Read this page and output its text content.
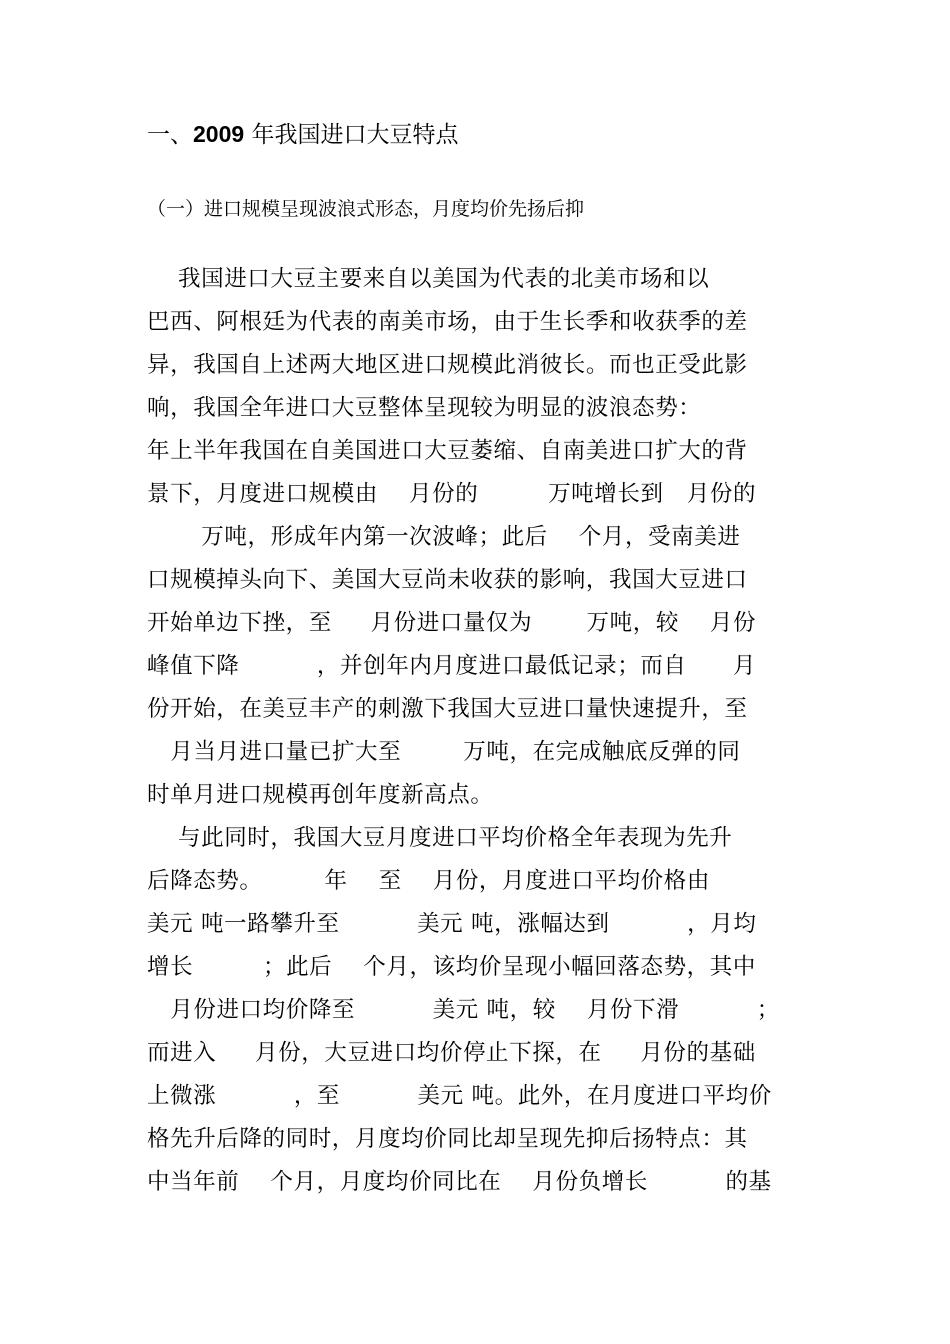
一、2009 年我国进口大豆特点
（一）进口规模呈现波浪式形态，月度均价先扬后抑
我国进口大豆主要来自以美国为代表的北美市场和以
巴西、阿根廷为代表的南美市场，由于生长季和收获季的差
异，我国自上述两大地区进口规模此消彼长。而也正受此影
响，我国全年进口大豆整体呈现较为明显的波浪态势：
年上半年我国在自美国进口大豆萎缩、自南美进口扩大的背
景下，月度进口规模由    月份的         万吨增长到   月份的
万吨，形成年内第一次波峰；此后    个月，受南美进
口规模掉头向下、美国大豆尚未收获的影响，我国大豆进口
开始单边下挫，至     月份进口量仅为       万吨，较    月份
峰值下降          ，并创年内月度进口最低记录；而自      月
份开始，在美豆丰产的刺激下我国大豆进口量快速提升，至
月当月进口量已扩大至        万吨，在完成触底反弹的同
时单月进口规模再创年度新高点。
与此同时，我国大豆月度进口平均价格全年表现为先升
后降态势。        年    至    月份，月度进口平均价格由
美元 吨一路攀升至          美元 吨，涨幅达到          ，月均
增长         ；此后    个月，该均价呈现小幅回落态势，其中
月份进口均价降至          美元 吨，较    月份下滑          ；
而进入     月份，大豆进口均价停止下探，在     月份的基础
上微涨          ，至          美元 吨。此外，在月度进口平均价
格先升后降的同时，月度均价同比却呈现先抑后扬特点：其
中当年前    个月，月度均价同比在    月份负增长          的基
